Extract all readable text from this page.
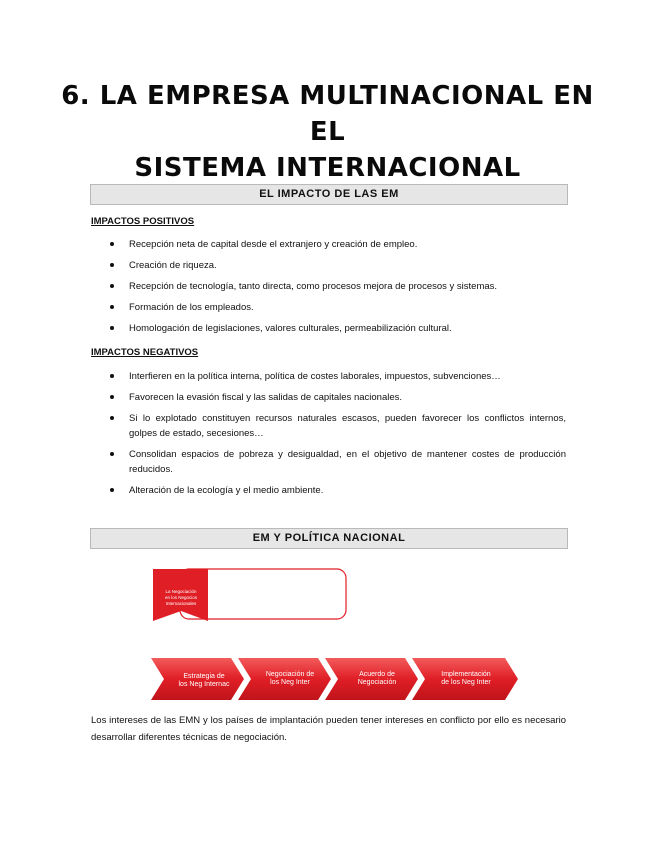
6. LA EMPRESA MULTINACIONAL EN EL
SISTEMA INTERNACIONAL
EL IMPACTO DE LAS EM
IMPACTOS POSITIVOS
Recepción neta de capital desde el extranjero y creación de empleo.
Creación de riqueza.
Recepción de tecnología, tanto directa, como procesos mejora de procesos y sistemas.
Formación de los empleados.
Homologación de legislaciones, valores culturales, permeabilización cultural.
IMPACTOS NEGATIVOS
Interfieren en la política interna, política de costes laborales, impuestos, subvenciones…
Favorecen la evasión fiscal y las salidas de capitales nacionales.
Si lo explotado constituyen recursos naturales escasos, pueden favorecer los conflictos internos, golpes de estado, secesiones…
Consolidan espacios de pobreza y desigualdad, en el objetivo de mantener costes de producción reducidos.
Alteración de la ecología y el medio ambiente.
EM Y POLÍTICA NACIONAL
La Negociación
en los Negocios
Internacionales
Estrategia de
los Neg Internac
Negociación de
los Neg Inter
Acuerdo de
Negociación
Implementación
de los Neg Inter
Los intereses de las EMN y los países de implantación pueden tener intereses en conflicto por ello es necesario desarrollar diferentes técnicas de negociación.
